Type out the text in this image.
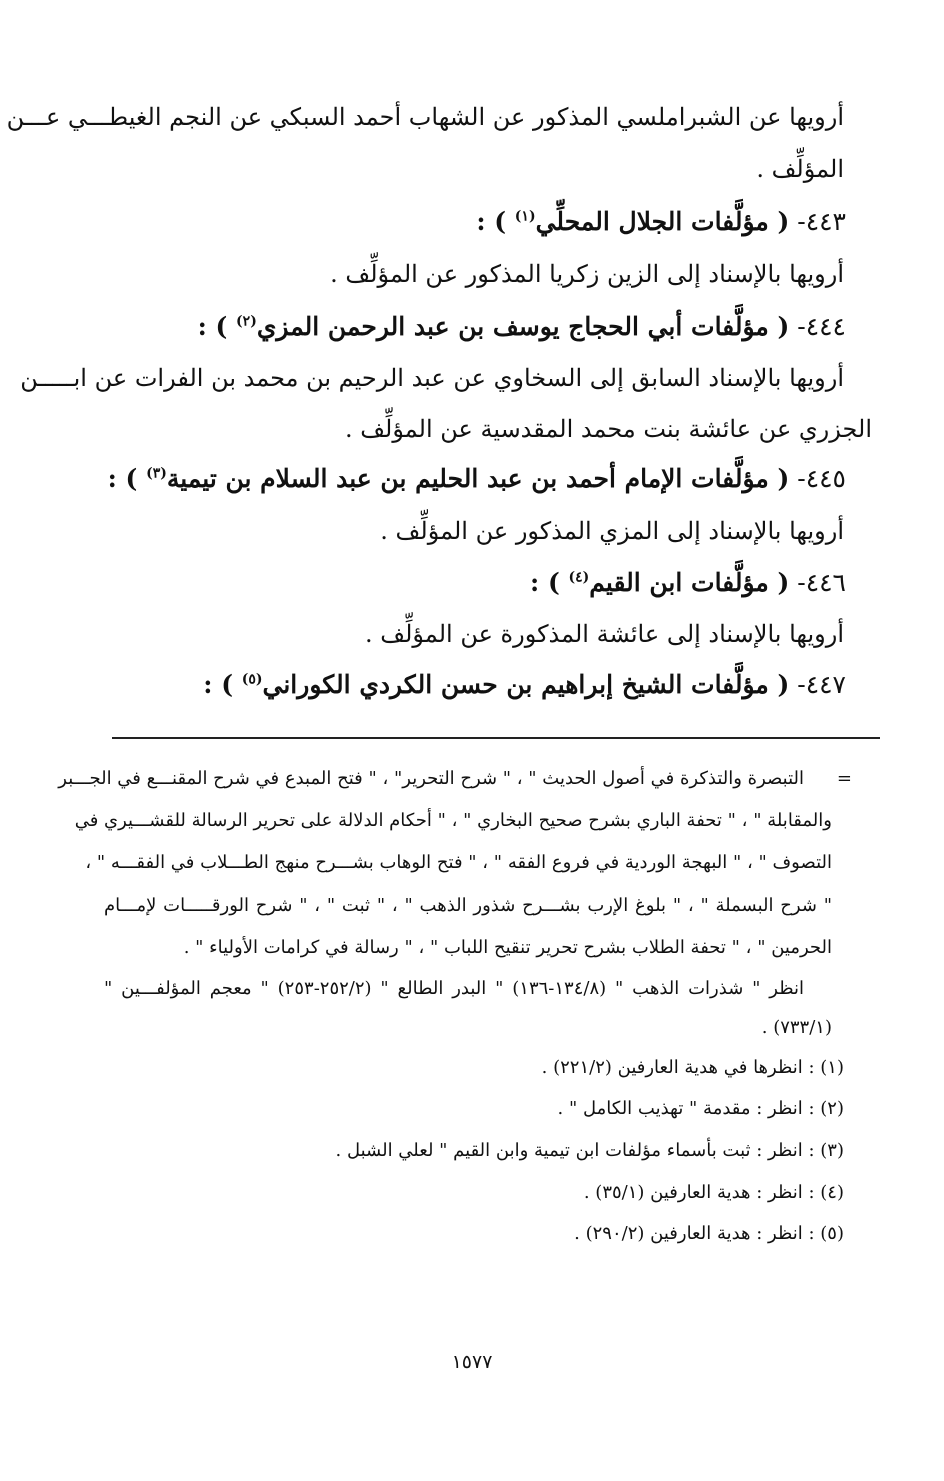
أرويها عن الشبراملسي المذكور عن الشهاب أحمد السبكي عن النجم الغيطـــي عـــن
المؤلِّف .
٤٤٣- ( مؤلَّفات الجلال المحلِّي$^{(١)}$ ) :
أرويها بالإسناد إلى الزين زكريا المذكور عن المؤلِّف .
٤٤٤- ( مؤلَّفات أبي الحجاج يوسف بن عبد الرحمن المزي$^{(٢)}$ ) :
أرويها بالإسناد السابق إلى السخاوي عن عبد الرحيم بن محمد بن الفرات عن ابـــــن
الجزري عن عائشة بنت محمد المقدسية عن المؤلِّف .
٤٤٥- ( مؤلَّفات الإمام أحمد بن عبد الحليم بن عبد السلام بن تيمية$^{(٣)}$ ) :
أرويها بالإسناد إلى المزي المذكور عن المؤلِّف .
٤٤٦- ( مؤلَّفات ابن القيم$^{(٤)}$ ) :
أرويها بالإسناد إلى عائشة المذكورة عن المؤلِّف .
٤٤٧- ( مؤلَّفات الشيخ إبراهيم بن حسن الكردي الكوراني$^{(٥)}$ ) :
=
التبصرة والتذكرة في أصول الحديث " ، " شرح التحرير" ، " فتح المبدع في شرح المقنـــع في الجـــبر
والمقابلة " ، " تحفة الباري بشرح صحيح البخاري " ، " أحكام الدلالة على تحرير الرسالة للقشـــيري في
التصوف " ، " البهجة الوردية في فروع الفقه " ، " فتح الوهاب بشـــرح منهج الطـــلاب في الفقـــه " ،
" شرح البسملة " ، " بلوغ الإرب بشـــرح شذور الذهب " ، " ثبت " ، " شرح الورقـــــات لإمـــام
الحرمين " ، " تحفة الطلاب بشرح تحرير تنقيح اللباب " ، " رسالة في كرامات الأولياء " .
انظر " شذرات الذهب " (١٣٤/٨-١٣٦) " البدر الطالع " (٢٥٢/٢-٢٥٣) " معجم المؤلفـــين "
(٧٣٣/١) .
(١) : انظرها في هدية العارفين (٢٢١/٢) .
(٢) : انظر : مقدمة " تهذيب الكامل " .
(٣) : انظر : ثبت بأسماء مؤلفات ابن تيمية وابن القيم " لعلي الشبل .
(٤) : انظر : هدية العارفين (٣٥/١) .
(٥) : انظر : هدية العارفين (٢٩٠/٢) .
١٥٧٧
